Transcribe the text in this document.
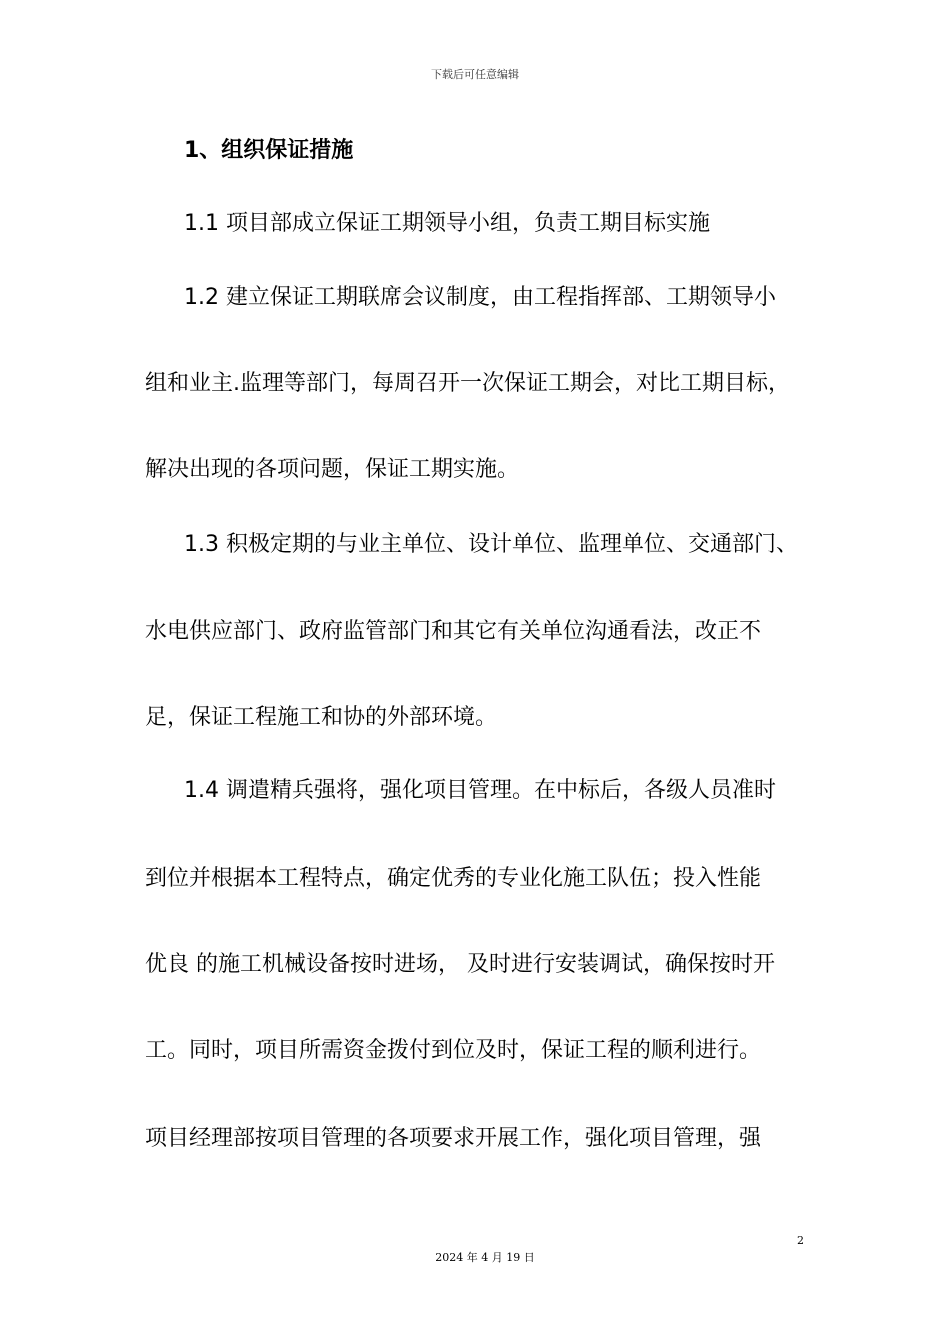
下载后可任意编辑
1、组织保证措施
1.1 项目部成立保证工期领导小组，负责工期目标实施
1.2 建立保证工期联席会议制度，由工程指挥部、工期领导小
组和业主.监理等部门，每周召开一次保证工期会，对比工期目标，
解决出现的各项问题，保证工期实施。
1.3 积极定期的与业主单位、设计单位、监理单位、交通部门、
水电供应部门、政府监管部门和其它有关单位沟通看法，改正不
足，保证工程施工和协的外部环境。
1.4 调遣精兵强将，强化项目管理。在中标后，各级人员准时
到位并根据本工程特点，确定优秀的专业化施工队伍；投入性能
优良 的施工机械设备按时进场， 及时进行安装调试，确保按时开
工。同时，项目所需资金拨付到位及时，保证工程的顺利进行。
项目经理部按项目管理的各项要求开展工作，强化项目管理，强
2
2024 年 4 月 19 日
